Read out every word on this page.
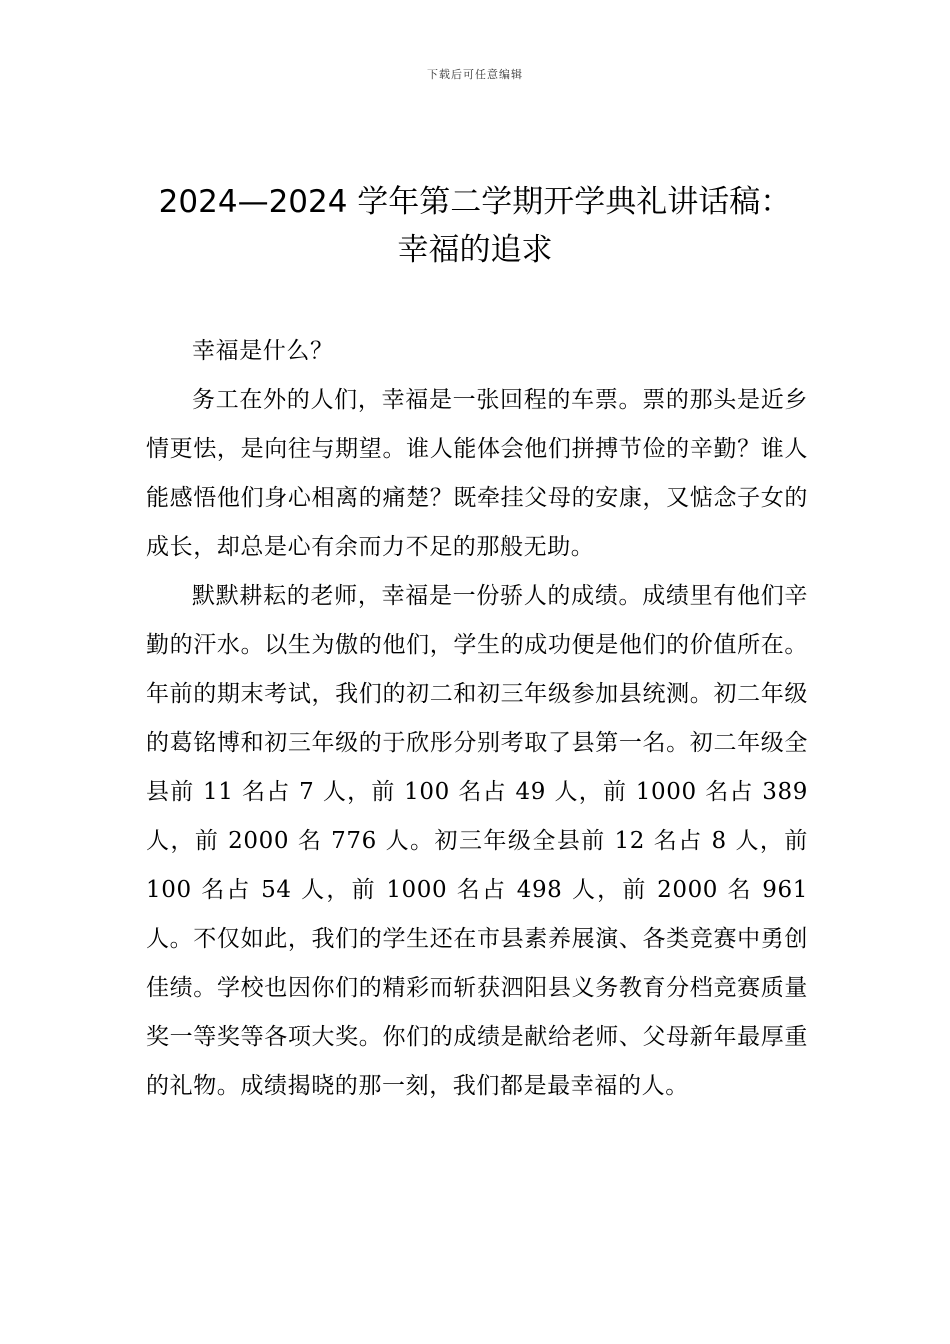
下载后可任意编辑
2024—2024 学年第二学期开学典礼讲话稿：
幸福的追求

幸福是什么？

务工在外的人们，幸福是一张回程的车票。票的那头是近乡情更怯，是向往与期望。谁人能体会他们拼搏节俭的辛勤？谁人能感悟他们身心相离的痛楚？既牵挂父母的安康，又惦念子女的成长，却总是心有余而力不足的那般无助。

默默耕耘的老师，幸福是一份骄人的成绩。成绩里有他们辛勤的汗水。以生为傲的他们，学生的成功便是他们的价值所在。年前的期末考试，我们的初二和初三年级参加县统测。初二年级的葛铭博和初三年级的于欣彤分别考取了县第一名。初二年级全县前 11 名占 7 人，前 100 名占 49 人，前 1000 名占 389 人，前 2000 名 776 人。初三年级全县前 12 名占 8 人，前 100 名占 54 人，前 1000 名占 498 人，前 2000 名 961 人。不仅如此，我们的学生还在市县素养展演、各类竞赛中勇创佳绩。学校也因你们的精彩而斩获泗阳县义务教育分档竞赛质量奖一等奖等各项大奖。你们的成绩是献给老师、父母新年最厚重的礼物。成绩揭晓的那一刻，我们都是最幸福的人。
